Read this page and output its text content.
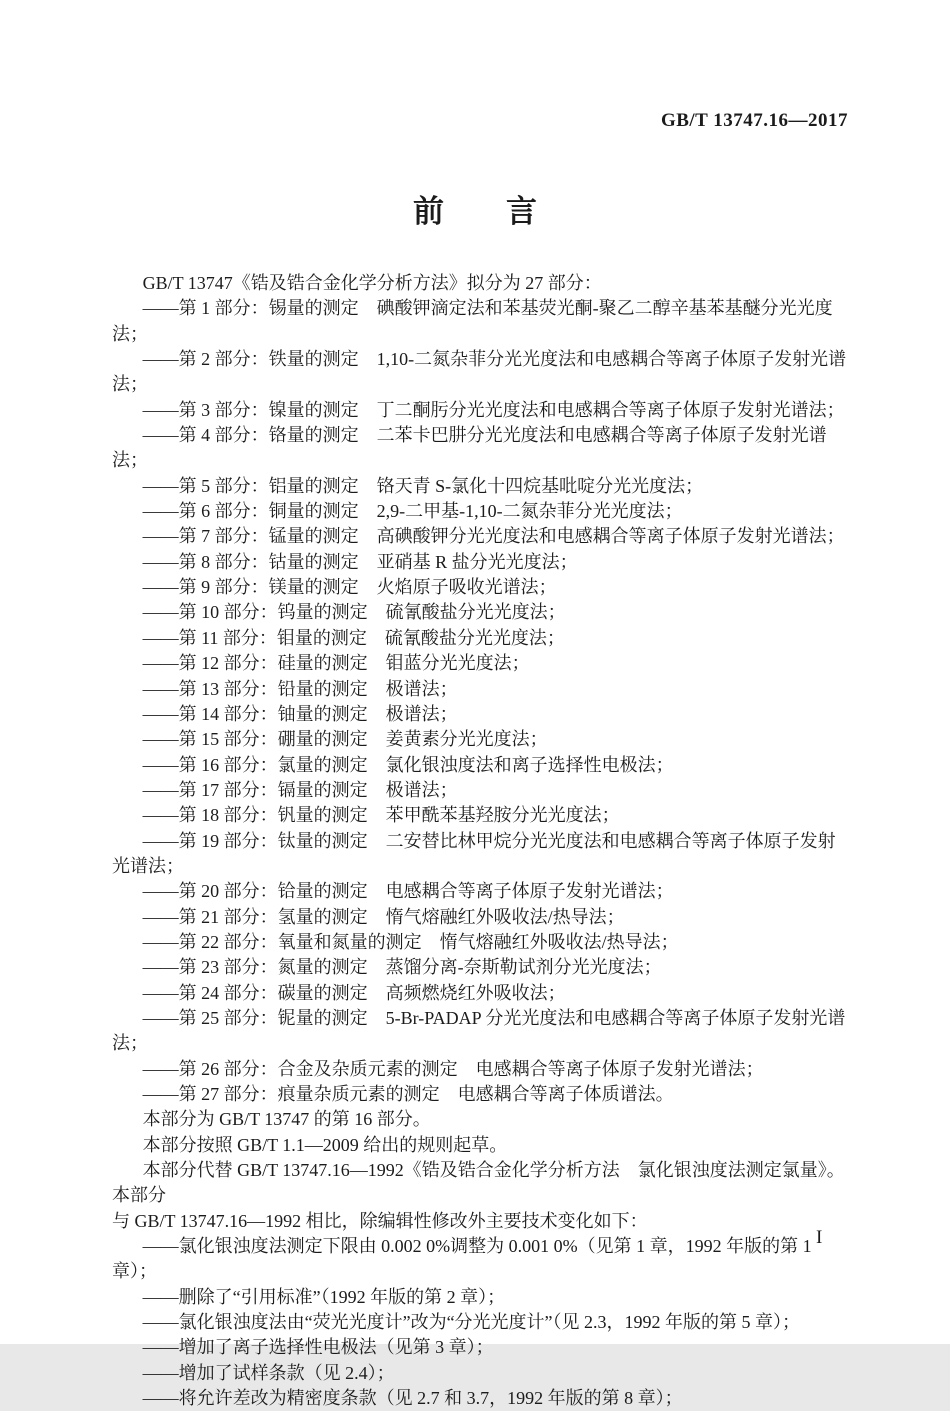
GB/T 13747.16—2017
前　　言

GB/T 13747《锆及锆合金化学分析方法》拟分为 27 部分：

——第 1 部分：锡量的测定　碘酸钾滴定法和苯基荧光酮-聚乙二醇辛基苯基醚分光光度法；

——第 2 部分：铁量的测定　1,10-二氮杂菲分光光度法和电感耦合等离子体原子发射光谱法；

——第 3 部分：镍量的测定　丁二酮肟分光光度法和电感耦合等离子体原子发射光谱法；

——第 4 部分：铬量的测定　二苯卡巴肼分光光度法和电感耦合等离子体原子发射光谱法；

——第 5 部分：铝量的测定　铬天青 S-氯化十四烷基吡啶分光光度法；

——第 6 部分：铜量的测定　2,9-二甲基-1,10-二氮杂菲分光光度法；

——第 7 部分：锰量的测定　高碘酸钾分光光度法和电感耦合等离子体原子发射光谱法；

——第 8 部分：钴量的测定　亚硝基 R 盐分光光度法；

——第 9 部分：镁量的测定　火焰原子吸收光谱法；

——第 10 部分：钨量的测定　硫氰酸盐分光光度法；

——第 11 部分：钼量的测定　硫氰酸盐分光光度法；

——第 12 部分：硅量的测定　钼蓝分光光度法；

——第 13 部分：铅量的测定　极谱法；

——第 14 部分：铀量的测定　极谱法；

——第 15 部分：硼量的测定　姜黄素分光光度法；

——第 16 部分：氯量的测定　氯化银浊度法和离子选择性电极法；

——第 17 部分：镉量的测定　极谱法；

——第 18 部分：钒量的测定　苯甲酰苯基羟胺分光光度法；

——第 19 部分：钛量的测定　二安替比林甲烷分光光度法和电感耦合等离子体原子发射光谱法；

——第 20 部分：铪量的测定　电感耦合等离子体原子发射光谱法；

——第 21 部分：氢量的测定　惰气熔融红外吸收法/热导法；

——第 22 部分：氧量和氮量的测定　惰气熔融红外吸收法/热导法；

——第 23 部分：氮量的测定　蒸馏分离-奈斯勒试剂分光光度法；

——第 24 部分：碳量的测定　高频燃烧红外吸收法；

——第 25 部分：铌量的测定　5-Br-PADAP 分光光度法和电感耦合等离子体原子发射光谱法；

——第 26 部分：合金及杂质元素的测定　电感耦合等离子体原子发射光谱法；

——第 27 部分：痕量杂质元素的测定　电感耦合等离子体质谱法。

本部分为 GB/T 13747 的第 16 部分。

本部分按照 GB/T 1.1—2009 给出的规则起草。

本部分代替 GB/T 13747.16—1992《锆及锆合金化学分析方法　氯化银浊度法测定氯量》。本部分

与 GB/T 13747.16—1992 相比，除编辑性修改外主要技术变化如下：

——氯化银浊度法测定下限由 0.002 0%调整为 0.001 0%（见第 1 章，1992 年版的第 1 章）；

——删除了“引用标准”（1992 年版的第 2 章）；

——氯化银浊度法由“荧光光度计”改为“分光光度计”（见 2.3，1992 年版的第 5 章）；

——增加了离子选择性电极法（见第 3 章）；

——增加了试样条款（见 2.4）；

——将允许差改为精密度条款（见 2.7 和 3.7，1992 年版的第 8 章）；

I
